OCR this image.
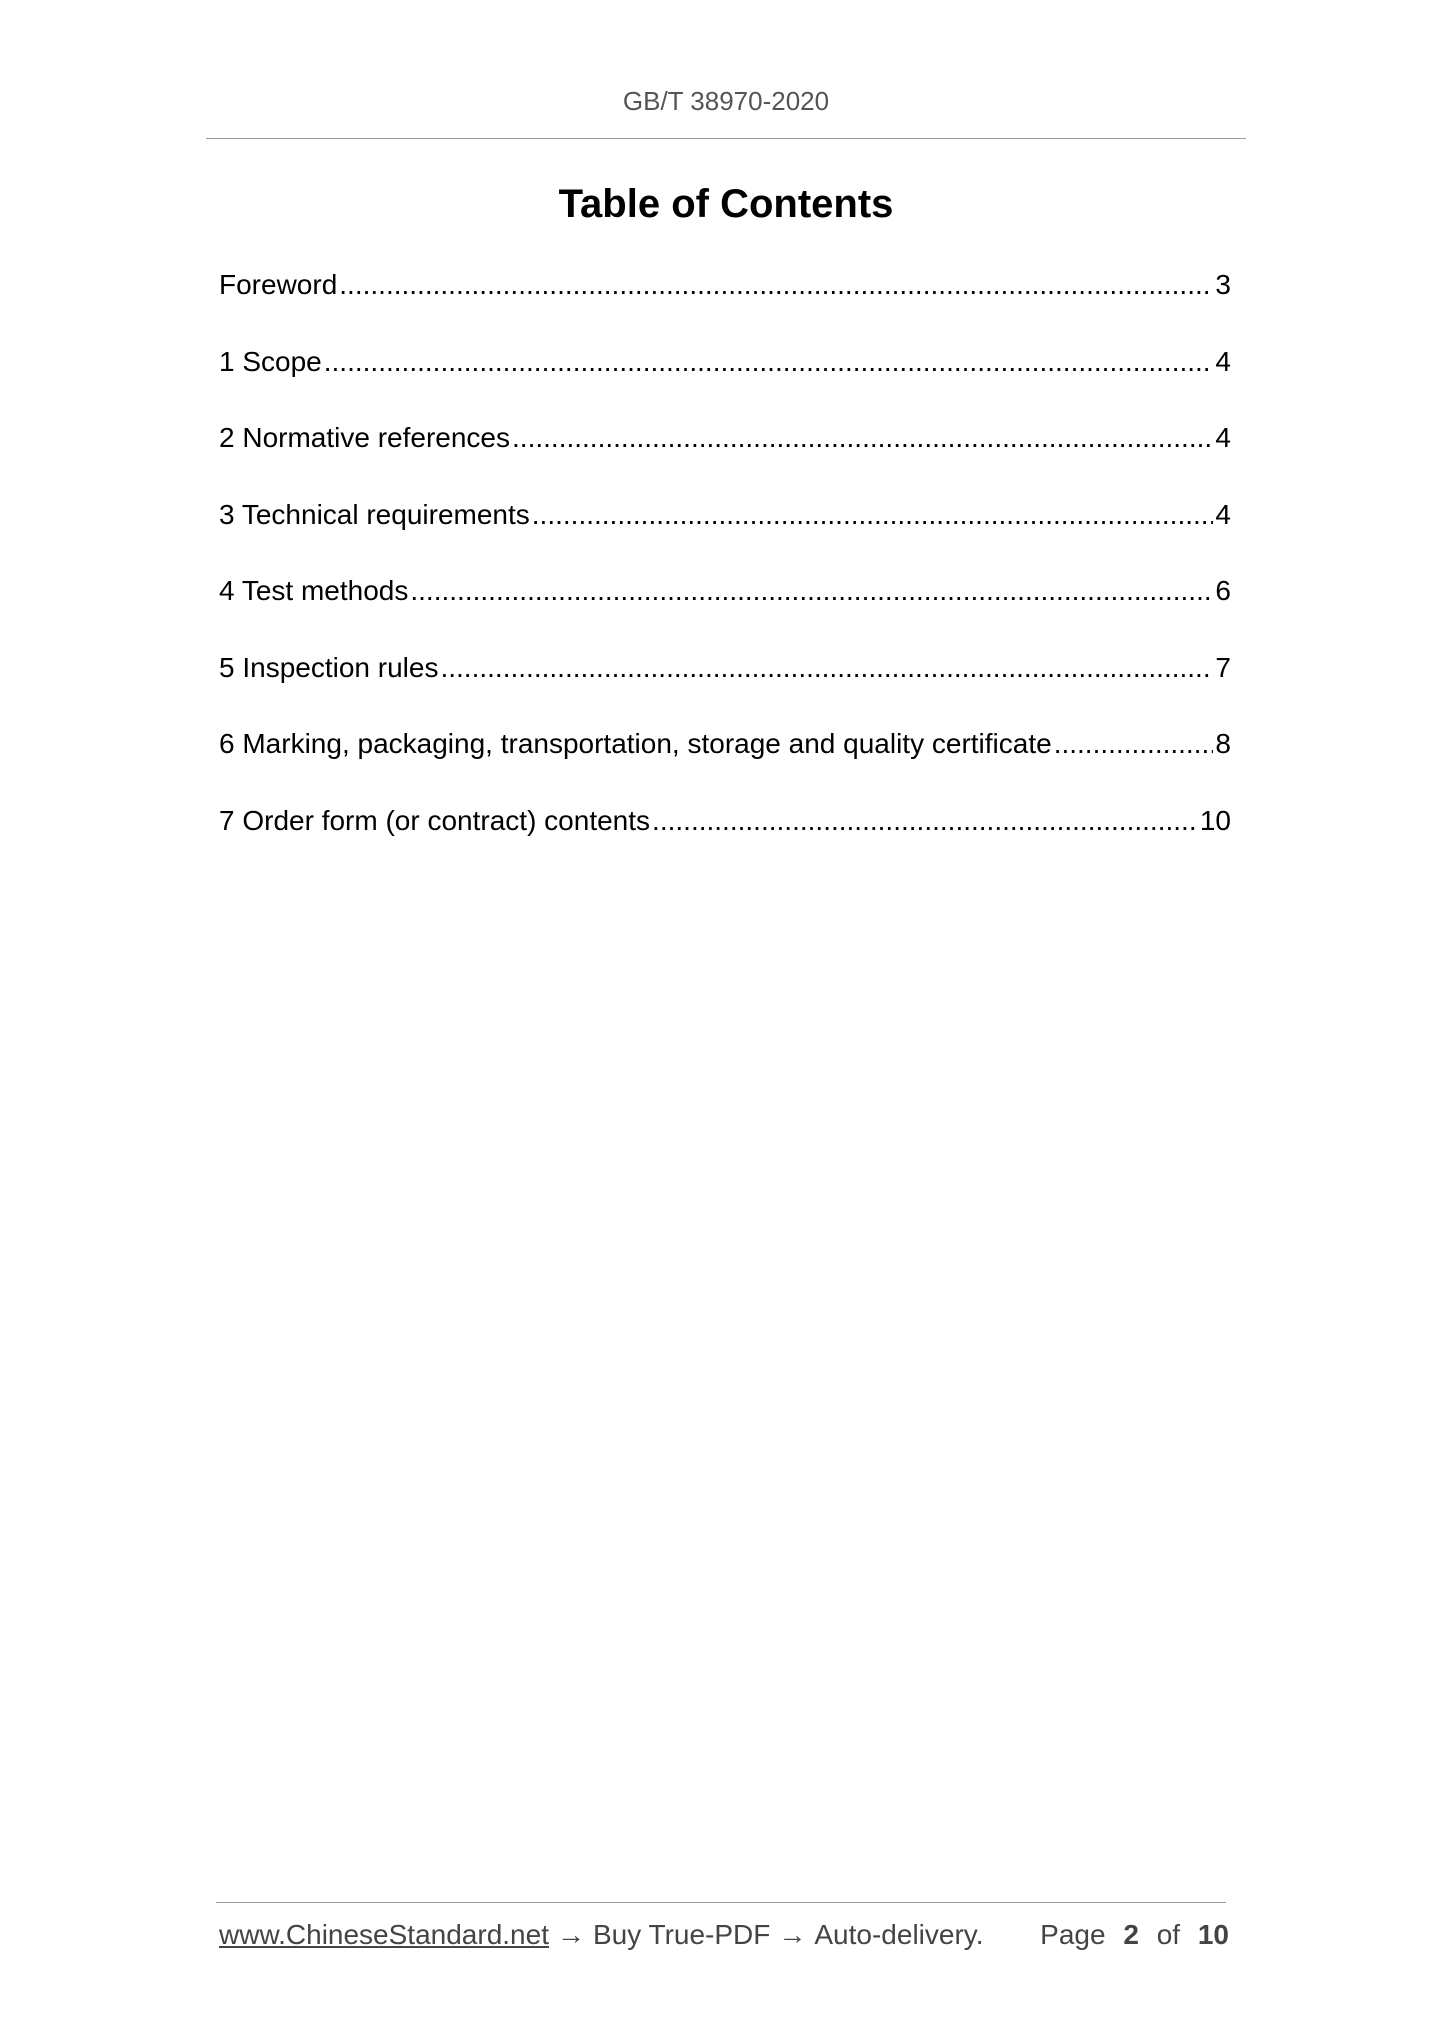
GB/T 38970-2020
Table of Contents
Foreword .....	3
1 Scope .....	4
2 Normative references .....	4
3 Technical requirements .....	4
4 Test methods .....	6
5 Inspection rules .....	7
6 Marking, packaging, transportation, storage and quality certificate .....	8
7 Order form (or contract) contents .....	10
www.ChineseStandard.net → Buy True-PDF → Auto-delivery. Page 2 of 10
